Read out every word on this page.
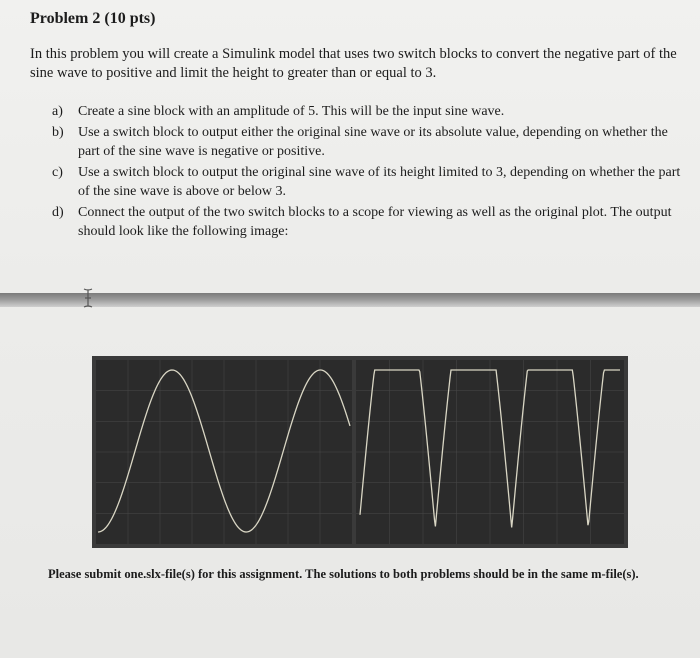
Problem 2 (10 pts)
In this problem you will create a Simulink model that uses two switch blocks to convert the negative part of the sine wave to positive and limit the height to greater than or equal to 3.
a) Create a sine block with an amplitude of 5. This will be the input sine wave.
b) Use a switch block to output either the original sine wave or its absolute value, depending on whether the part of the sine wave is negative or positive.
c) Use a switch block to output the original sine wave of its height limited to 3, depending on whether the part of the sine wave is above or below 3.
d) Connect the output of the two switch blocks to a scope for viewing as well as the original plot. The output should look like the following image:
Please submit one.slx-file(s) for this assignment. The solutions to both problems should be in the same m-file(s).
